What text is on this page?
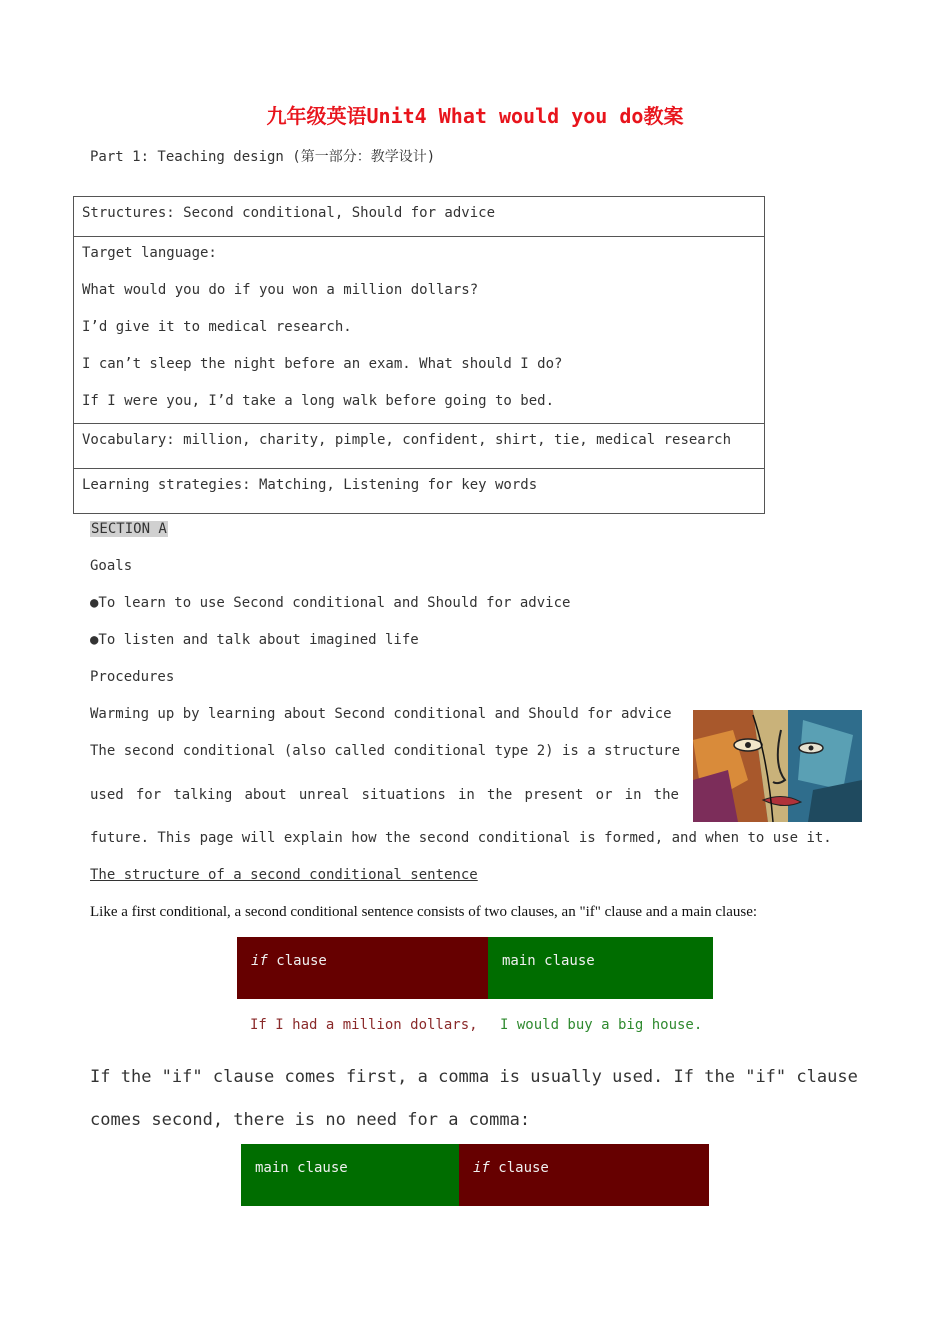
九年级英语Unit4 What would you do教案
Part 1: Teaching design (第一部分：教学设计)
Structures: Second conditional, Should for advice

Target language:
What would you do if you won a million dollars?
I’d give it to medical research.
I can’t sleep the night before an exam. What should I do?
If I were you, I’d take a long walk before going to bed.

Vocabulary: million, charity, pimple, confident, shirt, tie, medical research
Learning strategies: Matching, Listening for key words
SECTION A
Goals
●To learn to use Second conditional and Should for advice
●To listen and talk about imagined life
Procedures
Warming up by learning about Second conditional and Should for advice
The second conditional (also called conditional type 2) is a structure
used for talking about unreal situations in the present or in the
future. This page will explain how the second conditional is formed, and when to use it.
The structure of a second conditional sentence
Like a first conditional, a second conditional sentence consists of two clauses, an "if" clause and a main clause:
if clause	main clause
If I had a million dollars, I would buy a big house.
If the "if" clause comes first, a comma is usually used. If the "if" clause
comes second, there is no need for a comma:
main clause	if clause
